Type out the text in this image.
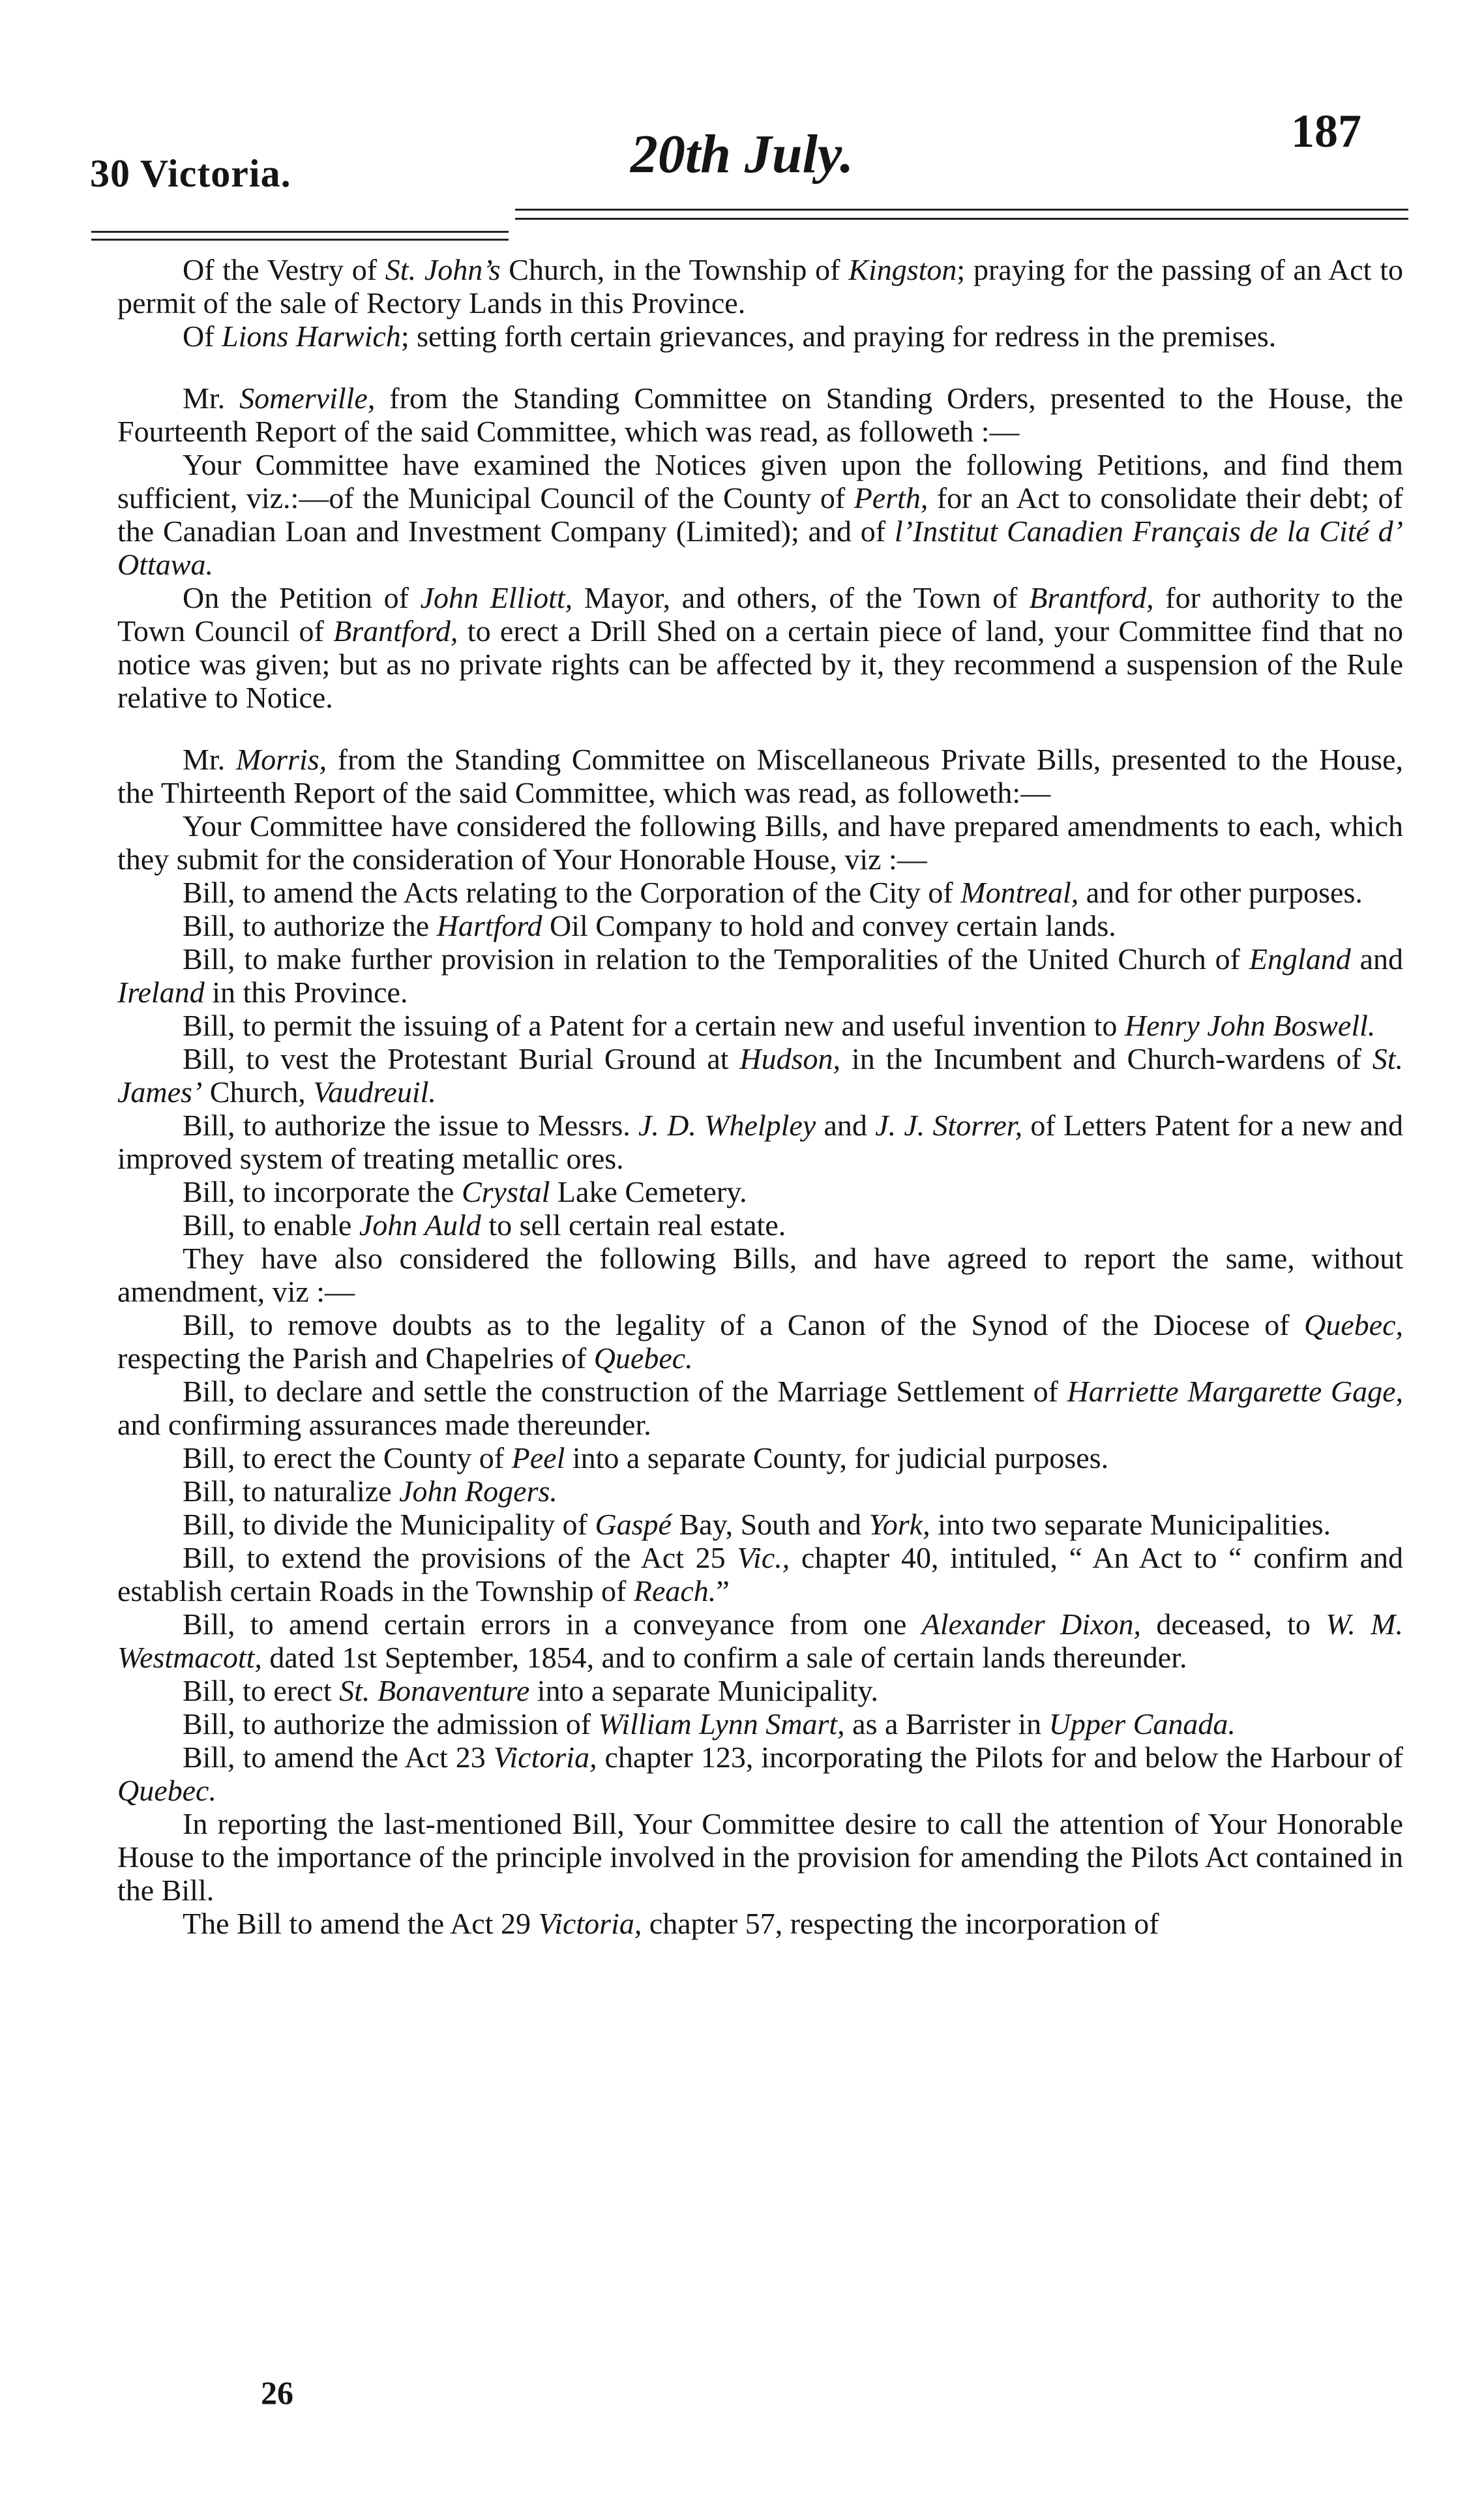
30 Victoria.	20th July.	187

Of the Vestry of St. John’s Church, in the Township of Kingston; praying for the passing of an Act to permit of the sale of Rectory Lands in this Province.

Of Lions Harwich; setting forth certain grievances, and praying for redress in the premises.

Mr. Somerville, from the Standing Committee on Standing Orders, presented to the House, the Fourteenth Report of the said Committee, which was read, as followeth :—

Your Committee have examined the Notices given upon the following Petitions, and find them sufficient, viz.:—of the Municipal Council of the County of Perth, for an Act to consolidate their debt; of the Canadian Loan and Investment Company (Limited); and of l’Institut Canadien Français de la Cité d’ Ottawa.

On the Petition of John Elliott, Mayor, and others, of the Town of Brantford, for authority to the Town Council of Brantford, to erect a Drill Shed on a certain piece of land, your Committee find that no notice was given; but as no private rights can be affected by it, they recommend a suspension of the Rule relative to Notice.

Mr. Morris, from the Standing Committee on Miscellaneous Private Bills, presented to the House, the Thirteenth Report of the said Committee, which was read, as followeth:—

Your Committee have considered the following Bills, and have prepared amendments to each, which they submit for the consideration of Your Honorable House, viz :—

Bill, to amend the Acts relating to the Corporation of the City of Montreal, and for other purposes.

Bill, to authorize the Hartford Oil Company to hold and convey certain lands.

Bill, to make further provision in relation to the Temporalities of the United Church of England and Ireland in this Province.

Bill, to permit the issuing of a Patent for a certain new and useful invention to Henry John Boswell.

Bill, to vest the Protestant Burial Ground at Hudson, in the Incumbent and Church-wardens of St. James’ Church, Vaudreuil.

Bill, to authorize the issue to Messrs. J. D. Whelpley and J. J. Storrer, of Letters Patent for a new and improved system of treating metallic ores.

Bill, to incorporate the Crystal Lake Cemetery.

Bill, to enable John Auld to sell certain real estate.

They have also considered the following Bills, and have agreed to report the same, without amendment, viz :—

Bill, to remove doubts as to the legality of a Canon of the Synod of the Diocese of Quebec, respecting the Parish and Chapelries of Quebec.

Bill, to declare and settle the construction of the Marriage Settlement of Harriette Margarette Gage, and confirming assurances made thereunder.

Bill, to erect the County of Peel into a separate County, for judicial purposes.

Bill, to naturalize John Rogers.

Bill, to divide the Municipality of Gaspé Bay, South and York, into two separate Municipalities.

Bill, to extend the provisions of the Act 25 Vic., chapter 40, intituled, “ An Act to “ confirm and establish certain Roads in the Township of Reach.”

Bill, to amend certain errors in a conveyance from one Alexander Dixon, deceased, to W. M. Westmacott, dated 1st September, 1854, and to confirm a sale of certain lands thereunder.

Bill, to erect St. Bonaventure into a separate Municipality.

Bill, to authorize the admission of William Lynn Smart, as a Barrister in Upper Canada.

Bill, to amend the Act 23 Victoria, chapter 123, incorporating the Pilots for and below the Harbour of Quebec.

In reporting the last-mentioned Bill, Your Committee desire to call the attention of Your Honorable House to the importance of the principle involved in the provision for amending the Pilots Act contained in the Bill.

The Bill to amend the Act 29 Victoria, chapter 57, respecting the incorporation of

26
